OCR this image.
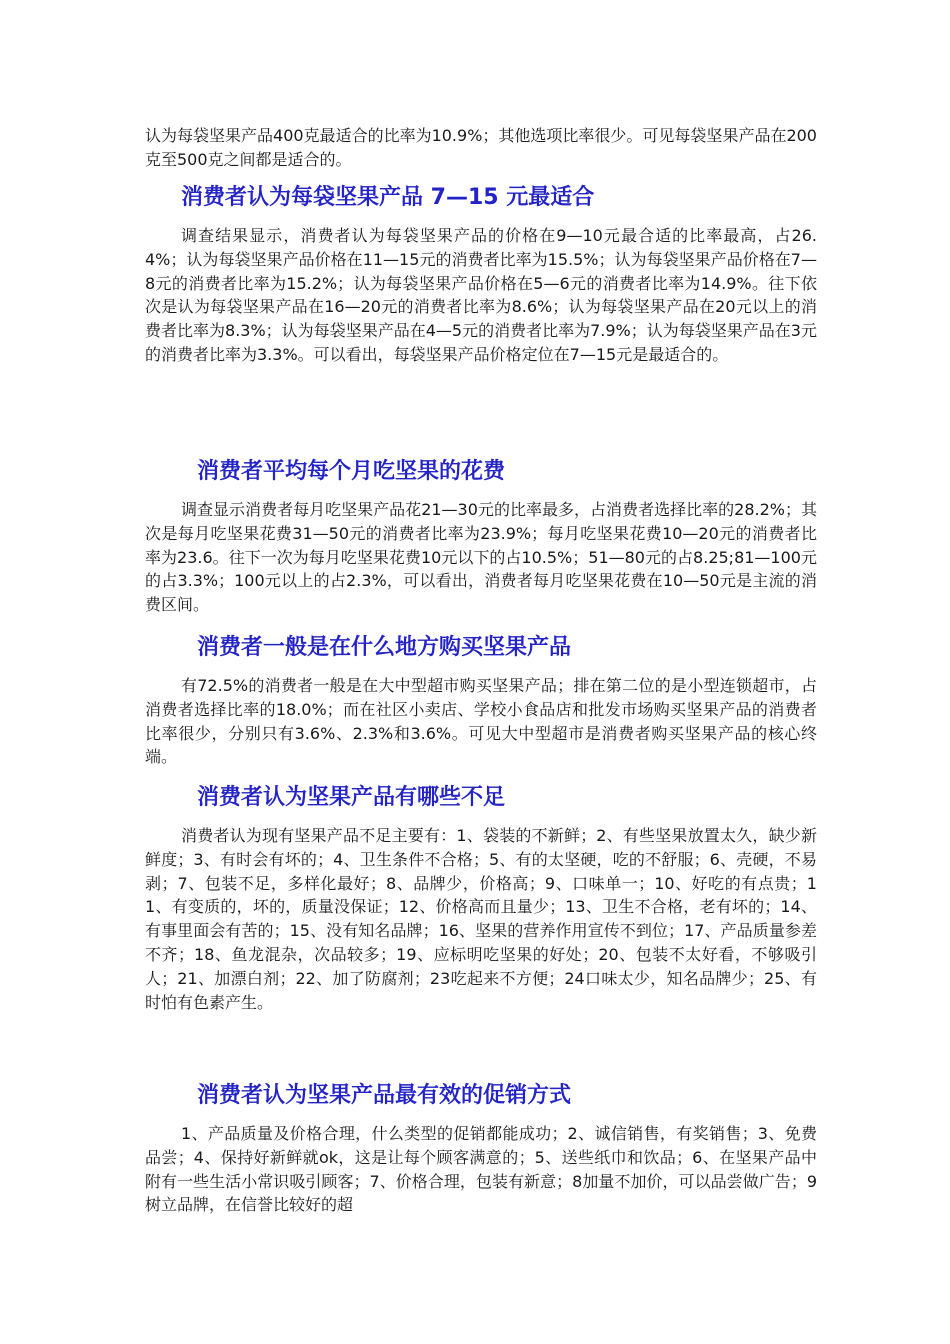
认为每袋坚果产品400克最适合的比率为10.9%；其他选项比率很少。可见每袋坚果产品在200克至500克之间都是适合的。

消费者认为每袋坚果产品 7—15 元最适合

调查结果显示，消费者认为每袋坚果产品的价格在9—10元最合适的比率最高，占26.4%；认为每袋坚果产品价格在11—15元的消费者比率为15.5%；认为每袋坚果产品价格在7—8元的消费者比率为15.2%；认为每袋坚果产品价格在5—6元的消费者比率为14.9%。往下依次是认为每袋坚果产品在16—20元的消费者比率为8.6%；认为每袋坚果产品在20元以上的消费者比率为8.3%；认为每袋坚果产品在4—5元的消费者比率为7.9%；认为每袋坚果产品在3元的消费者比率为3.3%。可以看出，每袋坚果产品价格定位在7—15元是最适合的。

消费者平均每个月吃坚果的花费

调查显示消费者每月吃坚果产品花21—30元的比率最多，占消费者选择比率的28.2%；其次是每月吃坚果花费31—50元的消费者比率为23.9%；每月吃坚果花费10—20元的消费者比率为23.6。往下一次为每月吃坚果花费10元以下的占10.5%；51—80元的占8.25;81—100元的占3.3%；100元以上的占2.3%，可以看出，消费者每月吃坚果花费在10—50元是主流的消费区间。

消费者一般是在什么地方购买坚果产品

有72.5%的消费者一般是在大中型超市购买坚果产品；排在第二位的是小型连锁超市，占消费者选择比率的18.0%；而在社区小卖店、学校小食品店和批发市场购买坚果产品的消费者比率很少，分别只有3.6%、2.3%和3.6%。可见大中型超市是消费者购买坚果产品的核心终端。

消费者认为坚果产品有哪些不足

消费者认为现有坚果产品不足主要有：1、袋装的不新鲜；2、有些坚果放置太久，缺少新鲜度；3、有时会有坏的；4、卫生条件不合格；5、有的太坚硬，吃的不舒服；6、壳硬，不易剥；7、包装不足，多样化最好；8、品牌少，价格高；9、口味单一；10、好吃的有点贵；11、有变质的，坏的，质量没保证；12、价格高而且量少；13、卫生不合格，老有坏的；14、有事里面会有苦的；15、没有知名品牌；16、坚果的营养作用宣传不到位；17、产品质量参差不齐；18、鱼龙混杂，次品较多；19、应标明吃坚果的好处；20、包装不太好看，不够吸引人；21、加漂白剂；22、加了防腐剂；23吃起来不方便；24口味太少，知名品牌少；25、有时怕有色素产生。

消费者认为坚果产品最有效的促销方式

1、产品质量及价格合理，什么类型的促销都能成功；2、诚信销售，有奖销售；3、免费品尝；4、保持好新鲜就ok，这是让每个顾客满意的；5、送些纸巾和饮品；6、在坚果产品中附有一些生活小常识吸引顾客；7、价格合理，包装有新意；8加量不加价，可以品尝做广告；9树立品牌，在信誉比较好的超
